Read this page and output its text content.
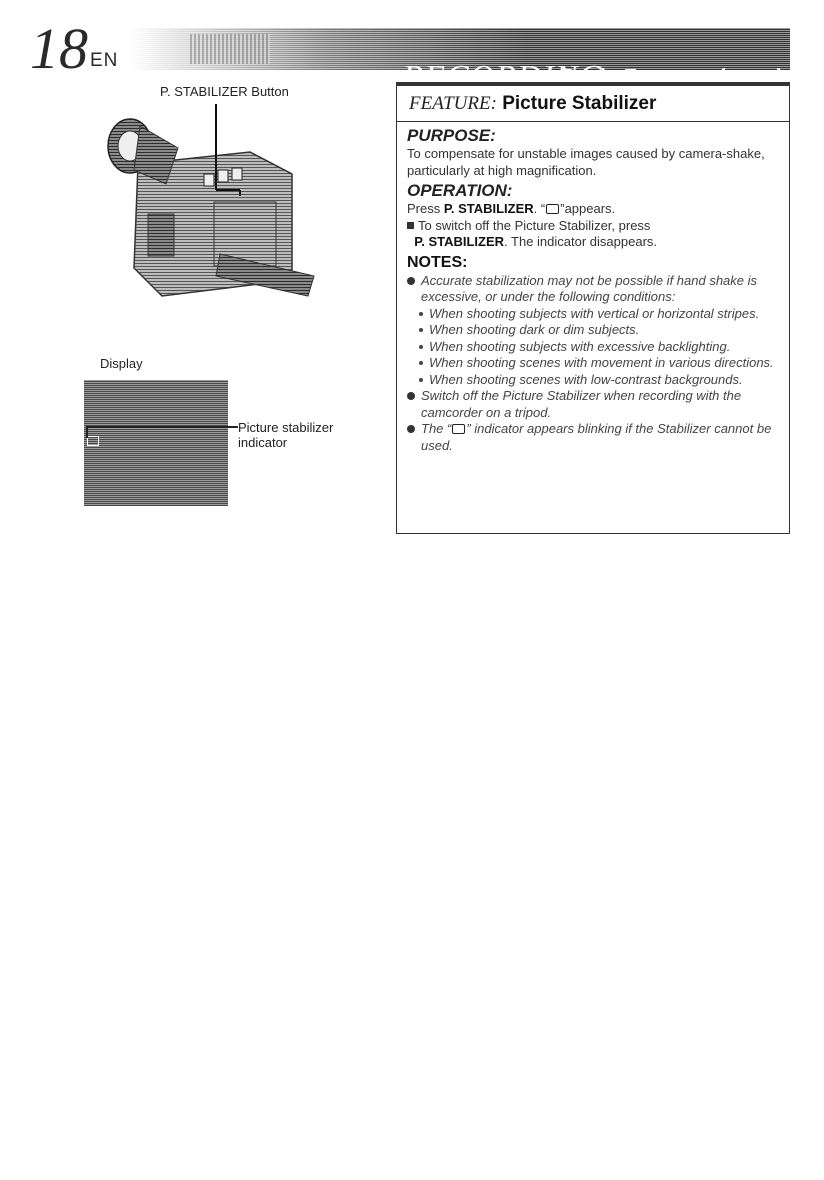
18 EN	RECORDING
Basic Features (cont.)
P. STABILIZER Button
Display
Picture stabilizer indicator
FEATURE: Picture Stabilizer
PURPOSE:

To compensate for unstable images caused by camera-shake, particularly at high magnification.

OPERATION:

Press P. STABILIZER. “ ”appears.

To switch off the Picture Stabilizer, press
P. STABILIZER. The indicator disappears.

NOTES:
Accurate stabilization may not be possible if hand shake is excessive, or under the following conditions:
When shooting subjects with vertical or horizontal stripes.
When shooting dark or dim subjects.
When shooting subjects with excessive backlighting.
When shooting scenes with movement in various directions.
When shooting scenes with low-contrast backgrounds.
Switch off the Picture Stabilizer when recording with the camcorder on a tripod.
The “ ” indicator appears blinking if the Stabilizer cannot be used.
